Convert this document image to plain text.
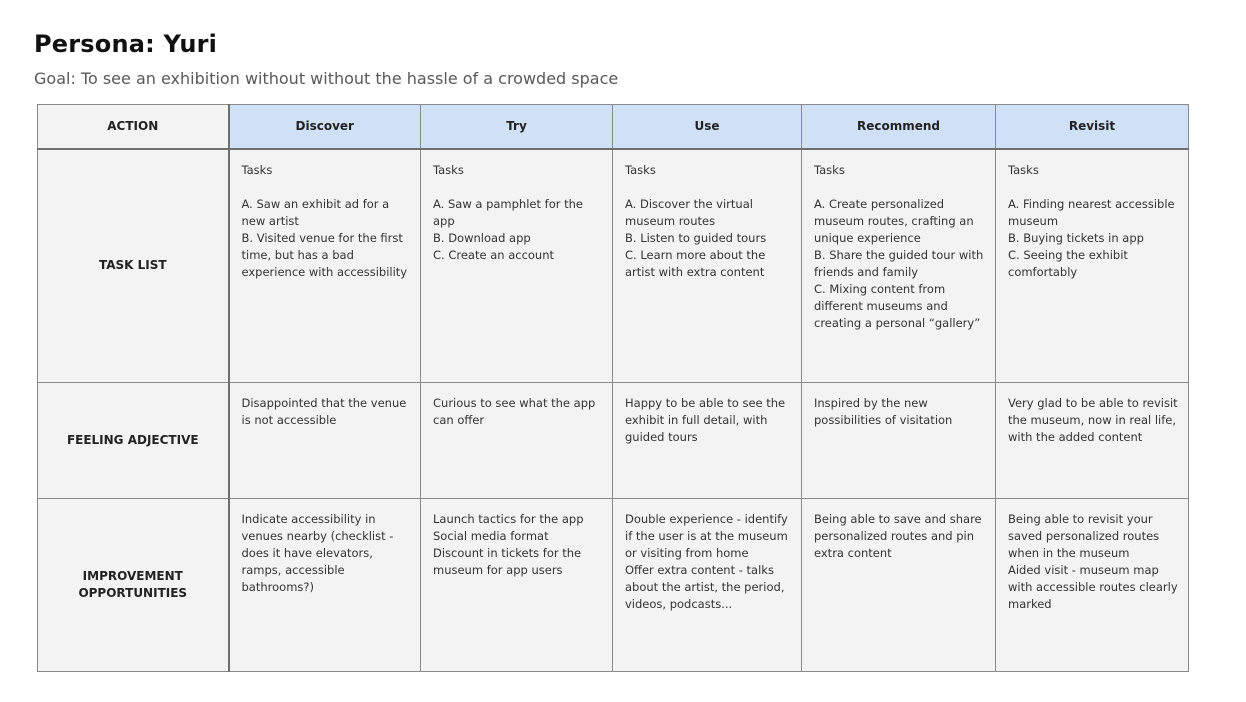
Persona: Yuri

Goal: To see an exhibition without without the hassle of a crowded space

ACTION	Discover	Try	Use	Recommend	Revisit
TASK LIST	Tasks

A. Saw an exhibit ad for a new artist
B. Visited venue for the first time, but has a bad experience with accessibility	Tasks

A. Saw a pamphlet for the app
B. Download app
C. Create an account	Tasks

A. Discover the virtual museum routes
B. Listen to guided tours
C. Learn more about the artist with extra content	Tasks

A. Create personalized museum routes, crafting an unique experience
B. Share the guided tour with friends and family
C. Mixing content from different museums and creating a personal “gallery”	Tasks

A. Finding nearest accessible museum
B. Buying tickets in app
C. Seeing the exhibit comfortably

FEELING ADJECTIVE	Disappointed that the venue is not accessible	Curious to see what the app can offer	Happy to be able to see the exhibit in full detail, with guided tours	Inspired by the new possibilities of visitation	Very glad to be able to revisit the museum, now in real life, with the added content

IMPROVEMENT OPPORTUNITIES	Indicate accessibility in venues nearby (checklist - does it have elevators, ramps, accessible bathrooms?)	Launch tactics for the app
Social media format
Discount in tickets for the museum for app users	Double experience - identify if the user is at the museum or visiting from home
Offer extra content - talks about the artist, the period, videos, podcasts...	Being able to save and share personalized routes and pin extra content	Being able to revisit your saved personalized routes when in the museum
Aided visit - museum map with accessible routes clearly marked
